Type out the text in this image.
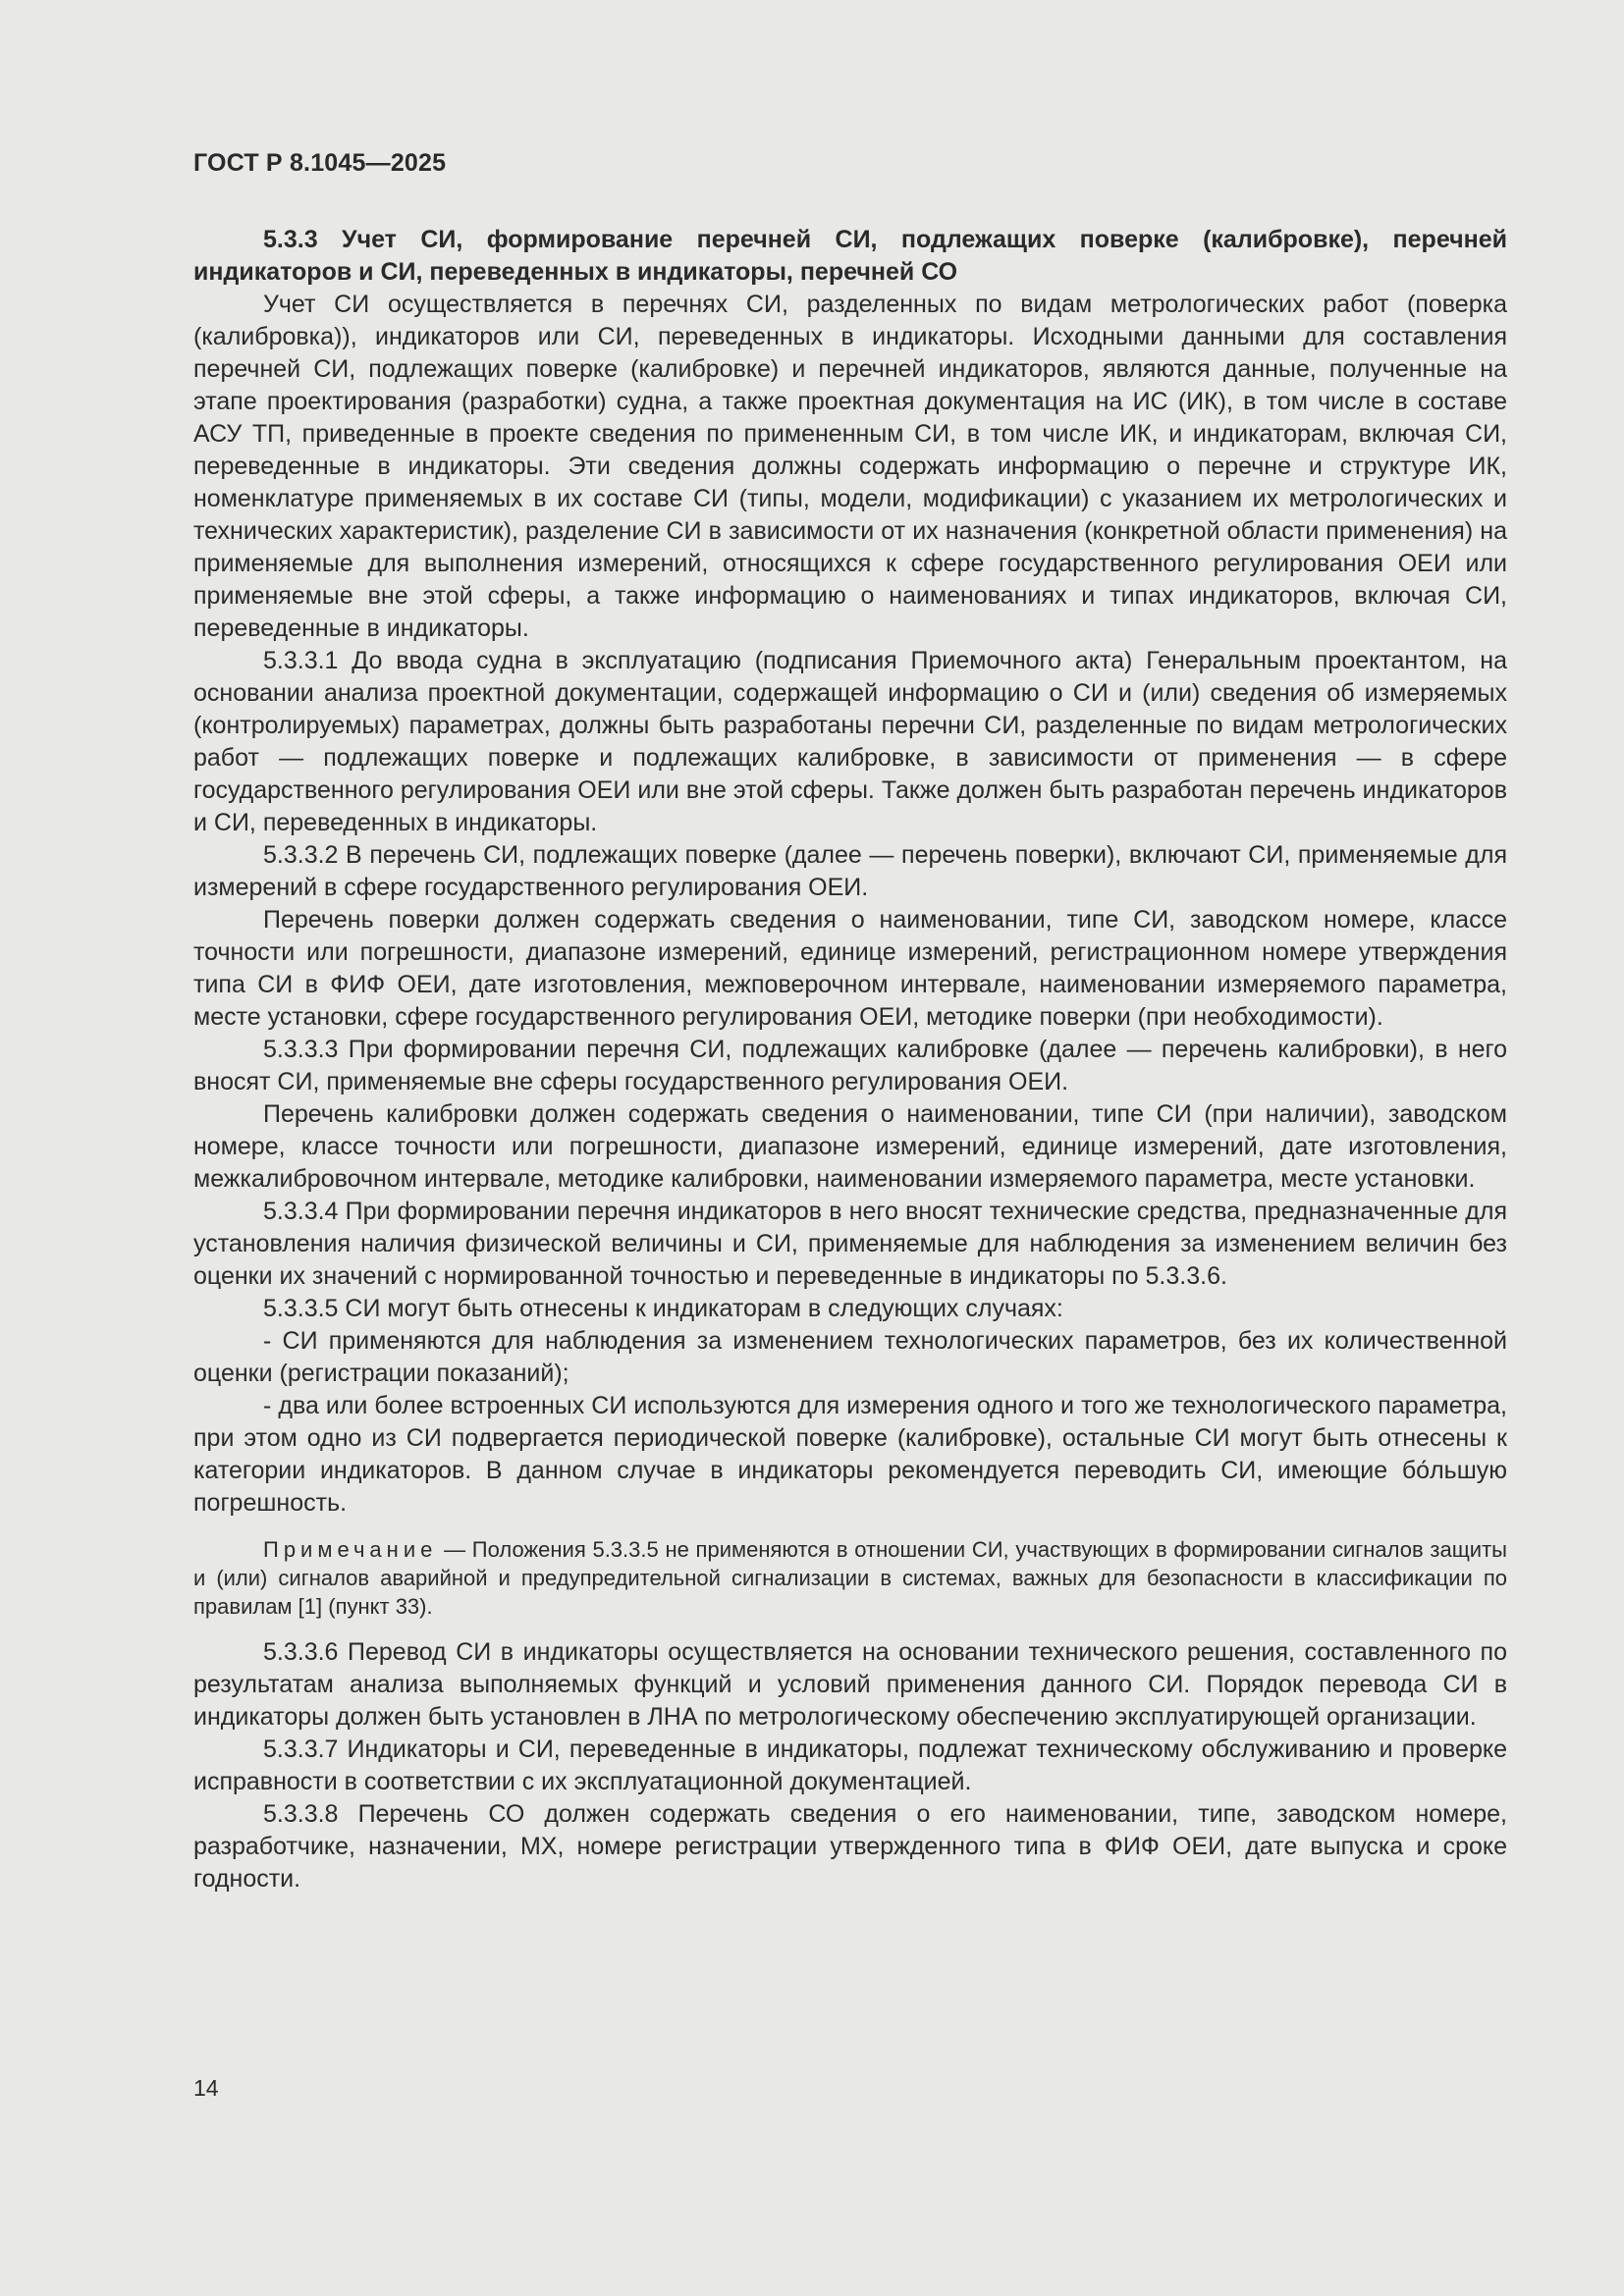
ГОСТ Р 8.1045—2025

5.3.3 Учет СИ, формирование перечней СИ, подлежащих поверке (калибровке), перечней индикаторов и СИ, переведенных в индикаторы, перечней СО

Учет СИ осуществляется в перечнях СИ, разделенных по видам метрологических работ (поверка (калибровка)), индикаторов или СИ, переведенных в индикаторы. Исходными данными для составления перечней СИ, подлежащих поверке (калибровке) и перечней индикаторов, являются данные, полученные на этапе проектирования (разработки) судна, а также проектная документация на ИС (ИК), в том числе в составе АСУ ТП, приведенные в проекте сведения по примененным СИ, в том числе ИК, и индикаторам, включая СИ, переведенные в индикаторы. Эти сведения должны содержать информацию о перечне и структуре ИК, номенклатуре применяемых в их составе СИ (типы, модели, модификации) с указанием их метрологических и технических характеристик), разделение СИ в зависимости от их назначения (конкретной области применения) на применяемые для выполнения измерений, относящихся к сфере государственного регулирования ОЕИ или применяемые вне этой сферы, а также информацию о наименованиях и типах индикаторов, включая СИ, переведенные в индикаторы.

5.3.3.1 До ввода судна в эксплуатацию (подписания Приемочного акта) Генеральным проектантом, на основании анализа проектной документации, содержащей информацию о СИ и (или) сведения об измеряемых (контролируемых) параметрах, должны быть разработаны перечни СИ, разделенные по видам метрологических работ — подлежащих поверке и подлежащих калибровке, в зависимости от применения — в сфере государственного регулирования ОЕИ или вне этой сферы. Также должен быть разработан перечень индикаторов и СИ, переведенных в индикаторы.

5.3.3.2 В перечень СИ, подлежащих поверке (далее — перечень поверки), включают СИ, применяемые для измерений в сфере государственного регулирования ОЕИ.

Перечень поверки должен содержать сведения о наименовании, типе СИ, заводском номере, классе точности или погрешности, диапазоне измерений, единице измерений, регистрационном номере утверждения типа СИ в ФИФ ОЕИ, дате изготовления, межповерочном интервале, наименовании измеряемого параметра, месте установки, сфере государственного регулирования ОЕИ, методике поверки (при необходимости).

5.3.3.3 При формировании перечня СИ, подлежащих калибровке (далее — перечень калибровки), в него вносят СИ, применяемые вне сферы государственного регулирования ОЕИ.

Перечень калибровки должен содержать сведения о наименовании, типе СИ (при наличии), заводском номере, классе точности или погрешности, диапазоне измерений, единице измерений, дате изготовления, межкалибровочном интервале, методике калибровки, наименовании измеряемого параметра, месте установки.

5.3.3.4 При формировании перечня индикаторов в него вносят технические средства, предназначенные для установления наличия физической величины и СИ, применяемые для наблюдения за изменением величин без оценки их значений с нормированной точностью и переведенные в индикаторы по 5.3.3.6.

5.3.3.5 СИ могут быть отнесены к индикаторам в следующих случаях:

- СИ применяются для наблюдения за изменением технологических параметров, без их количественной оценки (регистрации показаний);

- два или более встроенных СИ используются для измерения одного и того же технологического параметра, при этом одно из СИ подвергается периодической поверке (калибровке), остальные СИ могут быть отнесены к категории индикаторов. В данном случае в индикаторы рекомендуется переводить СИ, имеющие бо́льшую погрешность.

Примечание — Положения 5.3.3.5 не применяются в отношении СИ, участвующих в формировании сигналов защиты и (или) сигналов аварийной и предупредительной сигнализации в системах, важных для безопасности в классификации по правилам [1] (пункт 33).

5.3.3.6 Перевод СИ в индикаторы осуществляется на основании технического решения, составленного по результатам анализа выполняемых функций и условий применения данного СИ. Порядок перевода СИ в индикаторы должен быть установлен в ЛНА по метрологическому обеспечению эксплуатирующей организации.

5.3.3.7 Индикаторы и СИ, переведенные в индикаторы, подлежат техническому обслуживанию и проверке исправности в соответствии с их эксплуатационной документацией.

5.3.3.8 Перечень СО должен содержать сведения о его наименовании, типе, заводском номере, разработчике, назначении, МХ, номере регистрации утвержденного типа в ФИФ ОЕИ, дате выпуска и сроке годности.

14
